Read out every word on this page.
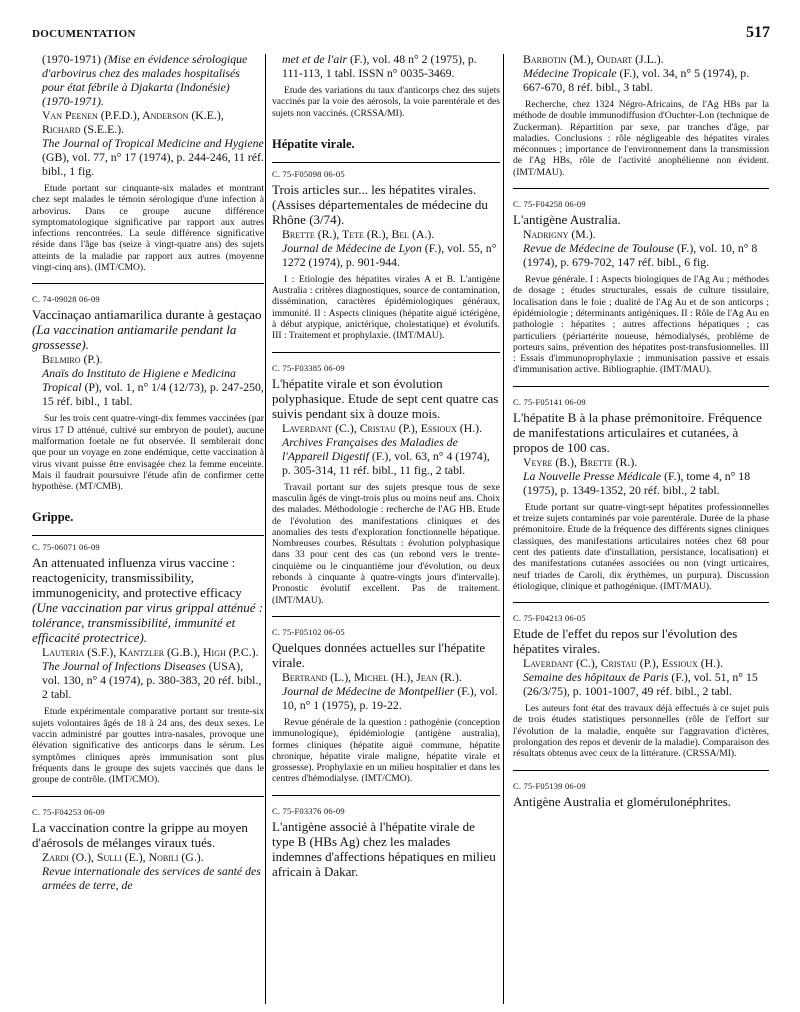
DOCUMENTATION	517
(1970-1971) (Mise en évidence sérologique d'arbovirus chez des malades hospitalisés pour état fébrile à Djakarta (Indonésie) (1970-1971).
Van Peenen (P.F.D.), Anderson (K.E.), Richard (S.E.E.).
The Journal of Tropical Medicine and Hygiene (GB), vol. 77, n° 17 (1974), p. 244-246, 11 réf. bibl., 1 fig.
Etude portant sur cinquante-six malades et montrant chez sept malades le témoin sérologique d'une infection à arbovirus. Dans ce groupe aucune différence symptomatologique significative par rapport aux autres infections rencontrées. La seule différence significative réside dans l'âge bas (seize à vingt-quatre ans) des sujets atteints de la maladie par rapport aux autres (moyenne vingt-cinq ans). (IMT/CMO).
C. 74-09028 06-09
Vaccinaçao antiamarilica durante à gestaçao (La vaccination antiamarile pendant la grossesse).
Belmiro (P.).
Anaïs do Instituto de Higiene e Medicina Tropical (P), vol. 1, n° 1/4 (12/73), p. 247-250, 15 réf. bibl., 1 tabl.
Sur les trois cent quatre-vingt-dix femmes vaccinées (par virus 17 D atténué, cultivé sur embryon de poulet), aucune malformation foetale ne fut observée. Il semblerait donc que pour un voyage en zone endémique, cette vaccination à virus vivant puisse être envisagée chez la femme enceinte. Mais il faudrait poursuivre l'étude afin de confirmer cette hypothèse. (MT/CMB).
Grippe.
C. 75-06071 06-09
An attenuated influenza virus vaccine : reactogenicity, transmissibility, immunogenicity, and protective efficacy (Une vaccination par virus grippal atténué : tolérance, transmissibilité, immunité et efficacité protectrice).
Lauteria (S.F.), Kantzler (G.B.), High (P.C.).
The Journal of Infections Diseases (USA), vol. 130, n° 4 (1974), p. 380-383, 20 réf. bibl., 2 tabl.
Etude expérimentale comparative portant sur trente-six sujets volontaires âgés de 18 à 24 ans, des deux sexes. Le vaccin administré par gouttes intra-nasales, provoque une élévation significative des anticorps dans le sérum. Les symptômes cliniques après immunisation sont plus fréquents dans le groupe des sujets vaccinés que dans le groupe de contrôle. (IMT/CMO).
C. 75-F04253 06-09
La vaccination contre la grippe au moyen d'aérosols de mélanges viraux tués.
Zardi (O.), Sulli (E.), Nobili (G.).
Revue internationale des services de santé des armées de terre, de
met et de l'air (F.), vol. 48 n° 2 (1975), p. 111-113, 1 tabl. ISSN n° 0035-3469.
Etude des variations du taux d'anticorps chez des sujets vaccinés par la voie des aérosols, la voie parentérale et des sujets non vaccinés. (CRSSA/MI).
Hépatite virale.
C. 75-F05098 06-05
Trois articles sur... les hépatites virales. (Assises départementales de médecine du Rhône (3/74).
Brette (R.), Tete (R.), Bel (A.).
Journal de Médecine de Lyon (F.), vol. 55, n° 1272 (1974), p. 901-944.
I : Etiologie des hépatites virales A et B. L'antigène Australia : critères diagnostiques, source de contamination, dissémination, caractères épidémiologiques généraux, immunité. II : Aspects cliniques (hépatite aiguë ictérigène, à début atypique, anictérique, cholestatique) et évolutifs. III : Traitement et prophylaxie. (IMT/MAU).
C. 75-F03385 06-09
L'hépatite virale et son évolution polyphasique. Etude de sept cent quatre cas suivis pendant six à douze mois.
Laverdant (C.), Cristau (P.), Essioux (H.).
Archives Françaises des Maladies de l'Appareil Digestif (F.), vol. 63, n° 4 (1974), p. 305-314, 11 réf. bibl., 11 fig., 2 tabl.
Travail portant sur des sujets presque tous de sexe masculin âgés de vingt-trois plus ou moins neuf ans. Choix des malades. Méthodologie : recherche de l'AG HB. Etude de l'évolution des manifestations cliniques et des anomalies des tests d'exploration fonctionnelle hépatique. Nombreuses courbes. Résultats : évolution polyphasique dans 33 pour cent des cas (un rebond vers le trente-cinquième ou le cinquantième jour d'évolution, ou deux rebonds à cinquante à quatre-vingts jours d'intervalle). Pronostic évolutif excellent. Pas de traitement. (IMT/MAU).
C. 75-F05102 06-05
Quelques données actuelles sur l'hépatite virale.
Bertrand (L.), Michel (H.), Jean (R.).
Journal de Médecine de Montpellier (F.), vol. 10, n° 1 (1975), p. 19-22.
Revue générale de la question : pathogénie (conception immunologique), épidémiologie (antigène australia), formes cliniques (hépatite aiguë commune, hépatite chronique, hépatite virale maligne, hépatite virale et grossesse). Prophylaxie en un milieu hospitalier et dans les centres d'hémodialyse. (IMT/CMO).
C. 75-F03376 06-09
L'antigène associé à l'hépatite virale de type B (HBs Ag) chez les malades indemnes d'affections hépatiques en milieu africain à Dakar.
Barbotin (M.), Oudart (J.L.).
Médecine Tropicale (F.), vol. 34, n° 5 (1974), p. 667-670, 8 réf. bibl., 3 tabl.
Recherche, chez 1324 Négro-Africains, de l'Ag HBs par la méthode de double immunodiffusion d'Ouchter-Lon (technique de Zuckerman). Répartition par sexe, par tranches d'âge, par maladies. Conclusions : rôle négligeable des hépatites virales méconnues ; importance de l'environnement dans la transmission de l'Ag HBs, rôle de l'activité anophélienne non évident. (IMT/MAU).
C. 75-F04258 06-09
L'antigène Australia.
Nadrigny (M.).
Revue de Médecine de Toulouse (F.), vol. 10, n° 8 (1974), p. 679-702, 147 réf. bibl., 6 fig.
Revue générale. I : Aspects biologiques de l'Ag Au ; méthodes de dosage ; études structurales, essais de culture tissulaire, localisation dans le foie ; dualité de l'Ag Au et de son anticorps ; épidémiologie ; déterminants antigéniques. II : Rôle de l'Ag Au en pathologie : hépatites ; autres affections hépatiques ; cas particuliers (périartérite noueuse, hémodialysés, problème de porteurs sains, prévention des hépatites post-transfusionnelles. III : Essais d'immunoprophylaxie ; immunisation passive et essais d'immunisation active. Bibliographie. (IMT/MAU).
C. 75-F05141 06-09
L'hépatite B à la phase prémonitoire. Fréquence de manifestations articulaires et cutanées, à propos de 100 cas.
Veyre (B.), Brette (R.).
La Nouvelle Presse Médicale (F.), tome 4, n° 18 (1975), p. 1349-1352, 20 réf. bibl., 2 tabl.
Etude portant sur quatre-vingt-sept hépatites professionnelles et treize sujets contaminés par voie parentérale. Durée de la phase prémonitoire. Etude de la fréquence des différents signes cliniques classiques, des manifestations articulaires notées chez 68 pour cent des patients date d'installation, persistance, localisation) et des manifestations cutanées associées ou non (vingt urticaires, neuf triades de Caroli, dix érythèmes, un purpura). Discussion étiologique, clinique et pathogénique. (IMT/MAU).
C. 75-F04213 06-05
Etude de l'effet du repos sur l'évolution des hépatites virales.
Laverdant (C.), Cristau (P.), Essioux (H.).
Semaine des hôpitaux de Paris (F.), vol. 51, n° 15 (26/3/75), p. 1001-1007, 49 réf. bibl., 2 tabl.
Les auteurs font état des travaux déjà effectués à ce sujet puis de trois études statistiques personnelles (rôle de l'effort sur l'évolution de la maladie, enquête sur l'aggravation d'ictères, prolongation des repos et devenir de la maladie). Comparaison des résultats obtenus avec ceux de la littérature. (CRSSA/MI).
C. 75-F05139 06-09
Antigène Australia et glomérulonéphrites.
